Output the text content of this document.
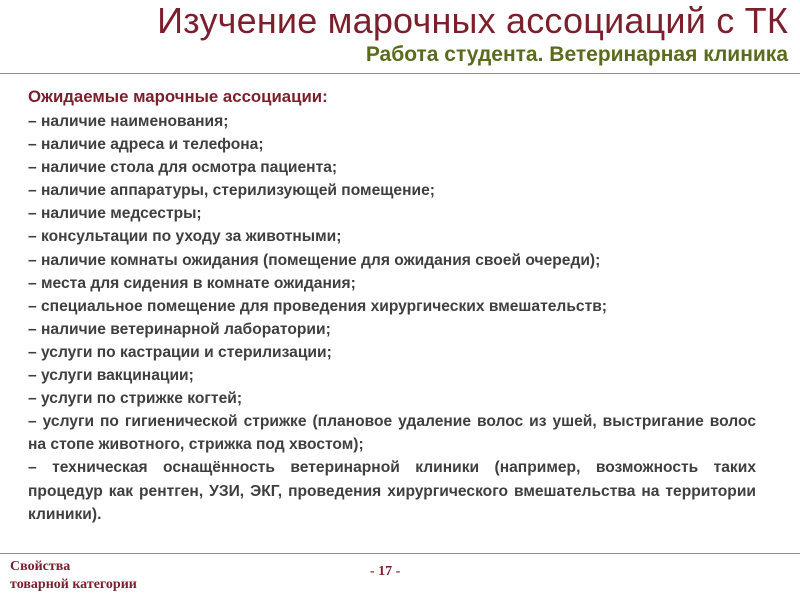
Изучение марочных ассоциаций с ТК
Работа студента. Ветеринарная клиника
Ожидаемые марочные ассоциации:

– наличие наименования;

– наличие адреса и телефона;

– наличие стола для осмотра пациента;

– наличие аппаратуры, стерилизующей помещение;

– наличие медсестры;

– консультации по уходу за животными;

– наличие комнаты ожидания (помещение для ожидания своей очереди);

– места для сидения в комнате ожидания;

– специальное помещение для проведения хирургических вмешательств;

– наличие ветеринарной лаборатории;

– услуги по кастрации и стерилизации;

– услуги вакцинации;

– услуги по стрижке когтей;

– услуги по гигиенической стрижке (плановое удаление волос из ушей, выстригание волос на стопе животного, стрижка под хвостом);

– техническая оснащённость ветеринарной клиники (например, возможность таких процедур как рентген, УЗИ, ЭКГ, проведения хирургического вмешательства на территории клиники).

Свойства
товарной категории
- 17 -
